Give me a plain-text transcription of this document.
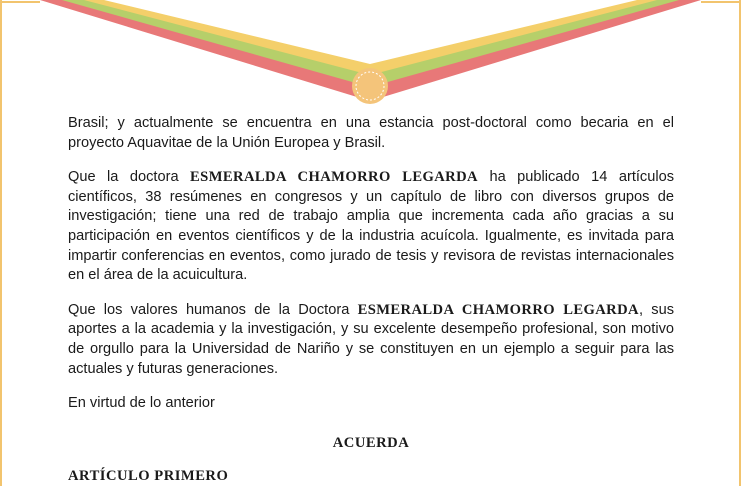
Brasil; y actualmente se encuentra en una estancia post-doctoral como becaria en el proyecto Aquavitae de la Unión Europea y Brasil.

Que la doctora ESMERALDA CHAMORRO LEGARDA ha publicado 14 artículos científicos, 38 resúmenes en congresos y un capítulo de libro con diversos grupos de investigación; tiene una red de trabajo amplia que incrementa cada año gracias a su participación en eventos científicos y de la industria acuícola. Igualmente, es invitada para impartir conferencias en eventos, como jurado de tesis y revisora de revistas internacionales en el área de la acuicultura.

Que los valores humanos de la Doctora ESMERALDA CHAMORRO LEGARDA, sus aportes a la academia y la investigación, y su excelente desempeño profesional, son motivo de orgullo para la Universidad de Nariño y se constituyen en un ejemplo a seguir para las actuales y futuras generaciones.

En virtud de lo anterior

ACUERDA
ARTÍCULO PRIMERO
